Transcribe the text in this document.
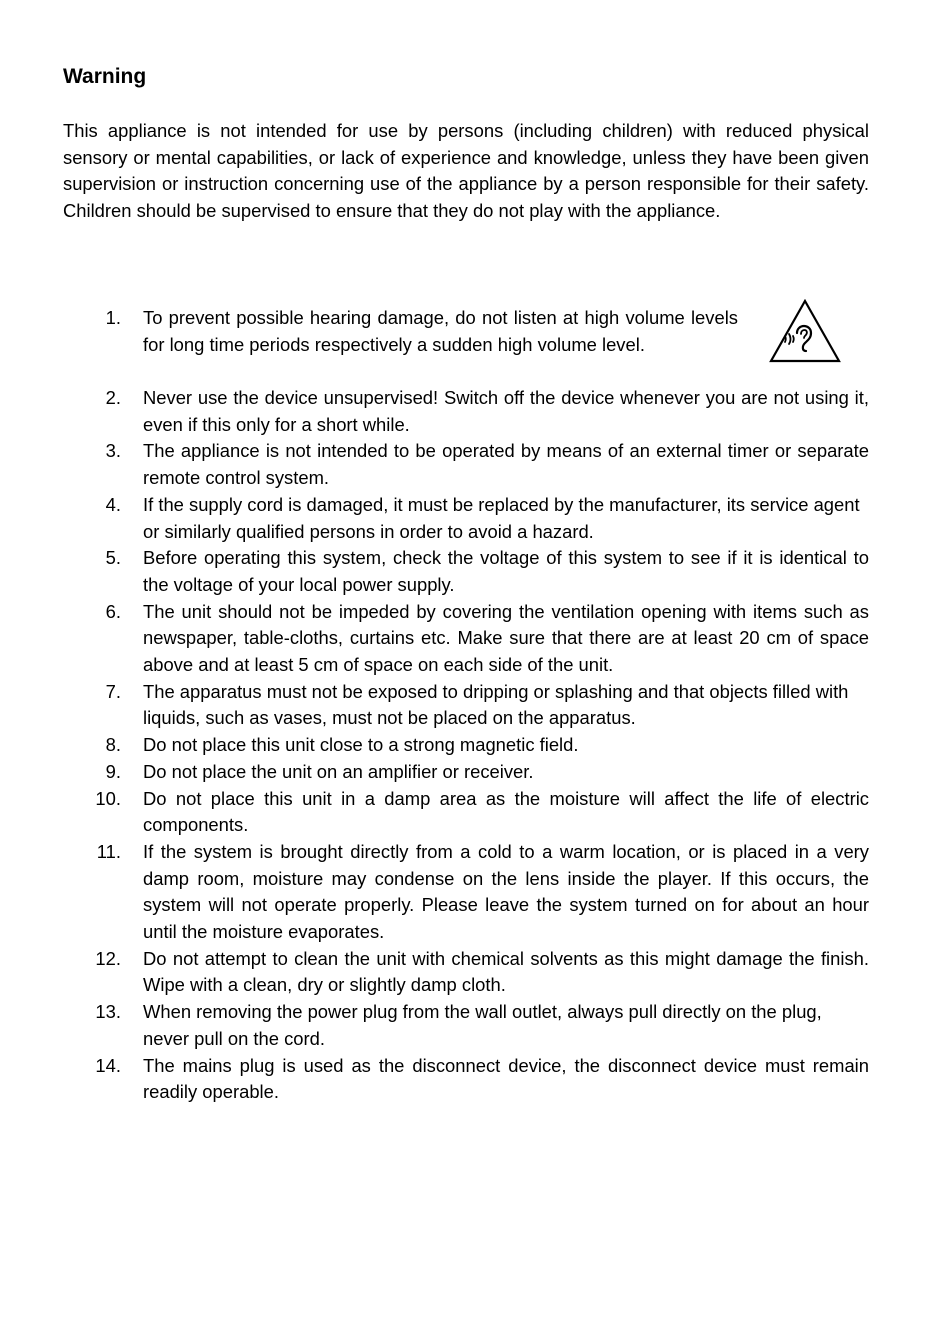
Warning

This appliance is not intended for use by persons (including children) with reduced physical sensory or mental capabilities, or lack of experience and knowledge, unless they have been given supervision or instruction concerning use of the appliance by a person responsible for their safety. Children should be supervised to ensure that they do not play with the appliance.

1. To prevent possible hearing damage, do not listen at high volume levels for long time periods respectively a sudden high volume level.
2. Never use the device unsupervised! Switch off the device whenever you are not using it, even if this only for a short while.
3. The appliance is not intended to be operated by means of an external timer or separate remote control system.
4. If the supply cord is damaged, it must be replaced by the manufacturer, its service agent or similarly qualified persons in order to avoid a hazard.
5. Before operating this system, check the voltage of this system to see if it is identical to the voltage of your local power supply.
6. The unit should not be impeded by covering the ventilation opening with items such as newspaper, table-cloths, curtains etc. Make sure that there are at least 20 cm of space above and at least 5 cm of space on each side of the unit.
7. The apparatus must not be exposed to dripping or splashing and that objects filled with liquids, such as vases, must not be placed on the apparatus.
8. Do not place this unit close to a strong magnetic field.
9. Do not place the unit on an amplifier or receiver.
10. Do not place this unit in a damp area as the moisture will affect the life of electric components.
11. If the system is brought directly from a cold to a warm location, or is placed in a very damp room, moisture may condense on the lens inside the player. If this occurs, the system will not operate properly. Please leave the system turned on for about an hour until the moisture evaporates.
12. Do not attempt to clean the unit with chemical solvents as this might damage the finish. Wipe with a clean, dry or slightly damp cloth.
13. When removing the power plug from the wall outlet, always pull directly on the plug, never pull on the cord.
14. The mains plug is used as the disconnect device, the disconnect device must remain readily operable.
